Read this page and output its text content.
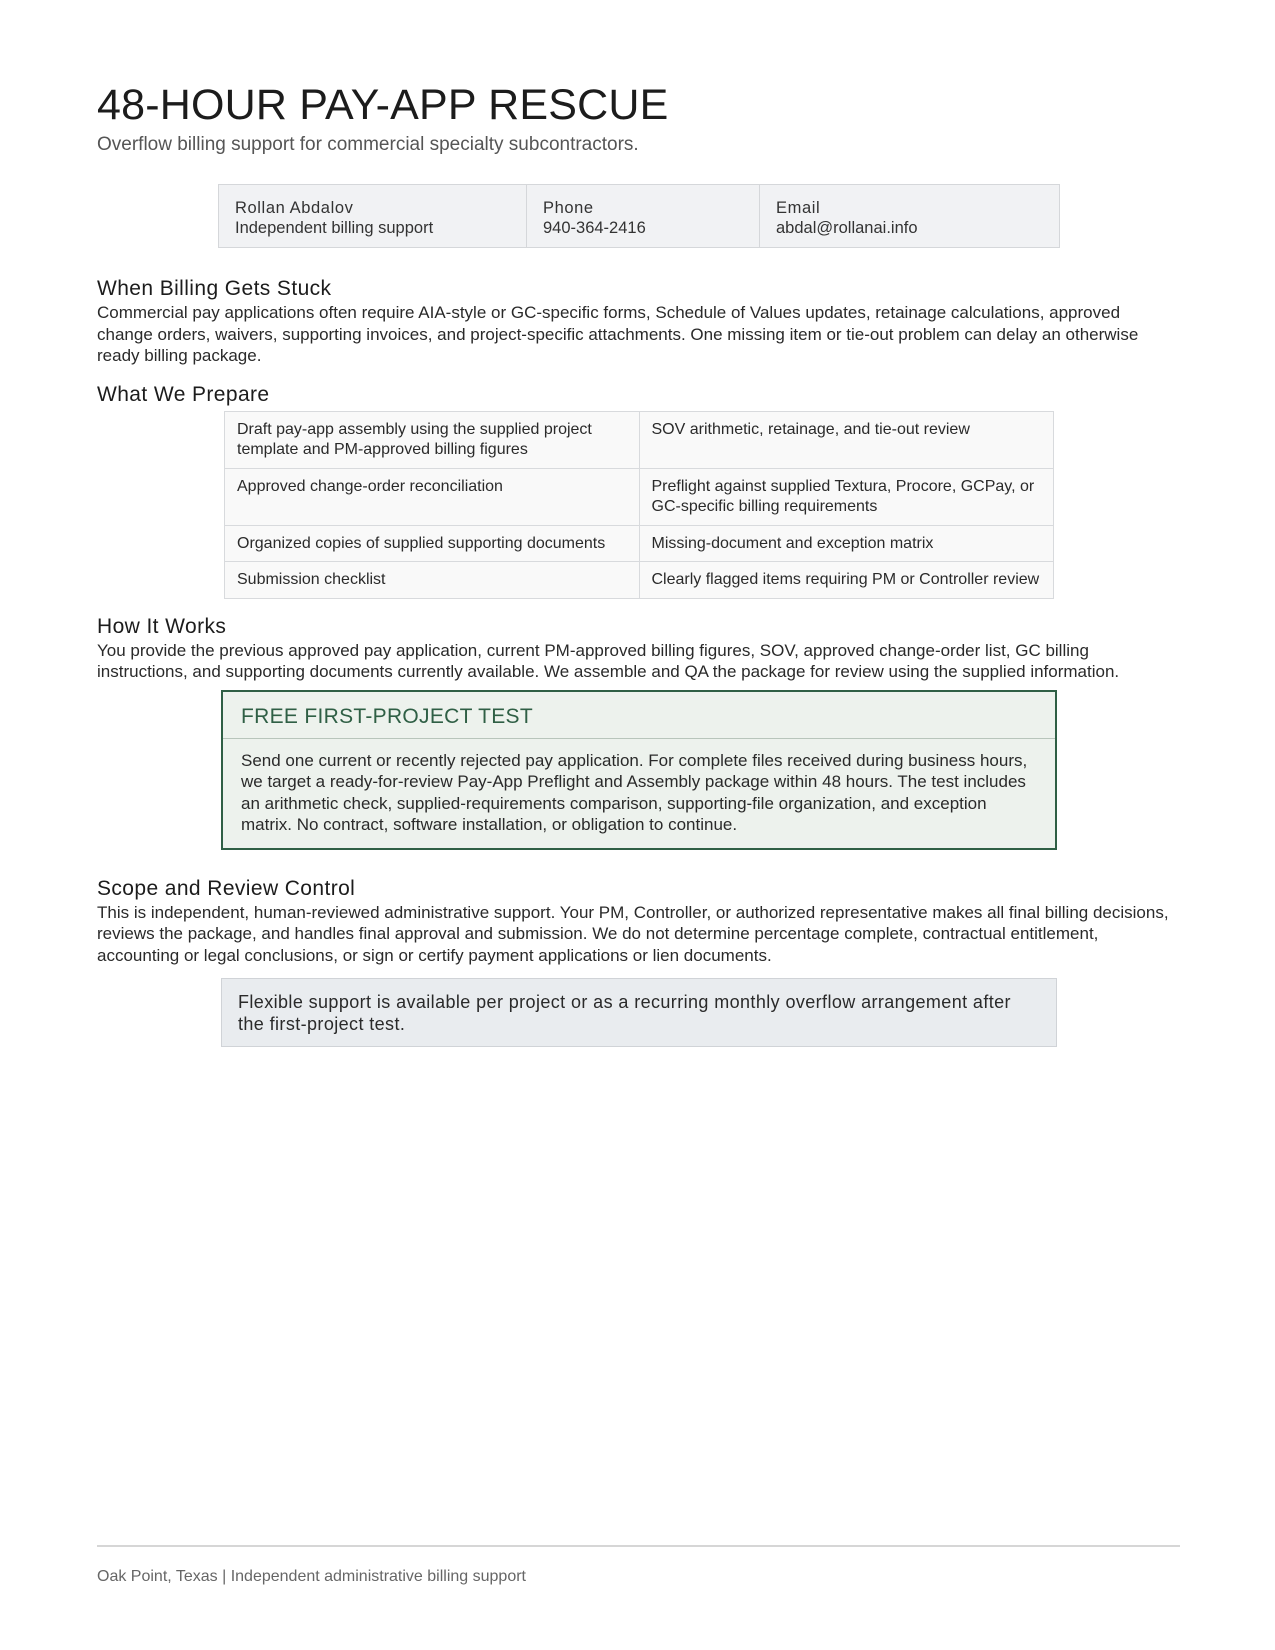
48-HOUR PAY-APP RESCUE
Overflow billing support for commercial specialty subcontractors.
Rollan Abdalov
Independent billing support
Phone
940-364-2416
Email
abdal@rollanai.info
When Billing Gets Stuck

Commercial pay applications often require AIA-style or GC-specific forms, Schedule of Values updates, retainage calculations, approved change orders, waivers, supporting invoices, and project-specific attachments. One missing item or tie-out problem can delay an otherwise ready billing package.

What We Prepare
Draft pay-app assembly using the supplied project template and PM-approved billing figures	SOV arithmetic, retainage, and tie-out review
Approved change-order reconciliation	Preflight against supplied Textura, Procore, GCPay, or GC-specific billing requirements
Organized copies of supplied supporting documents	Missing-document and exception matrix
Submission checklist	Clearly flagged items requiring PM or Controller review
How It Works

You provide the previous approved pay application, current PM-approved billing figures, SOV, approved change-order list, GC billing instructions, and supporting documents currently available. We assemble and QA the package for review using the supplied information.

FREE FIRST-PROJECT TEST
Send one current or recently rejected pay application. For complete files received during business hours, we target a ready-for-review Pay-App Preflight and Assembly package within 48 hours. The test includes an arithmetic check, supplied-requirements comparison, supporting-file organization, and exception matrix. No contract, software installation, or obligation to continue.
Scope and Review Control

This is independent, human-reviewed administrative support. Your PM, Controller, or authorized representative makes all final billing decisions, reviews the package, and handles final approval and submission. We do not determine percentage complete, contractual entitlement, accounting or legal conclusions, or sign or certify payment applications or lien documents.

Flexible support is available per project or as a recurring monthly overflow arrangement after the first-project test.
Oak Point, Texas | Independent administrative billing support
